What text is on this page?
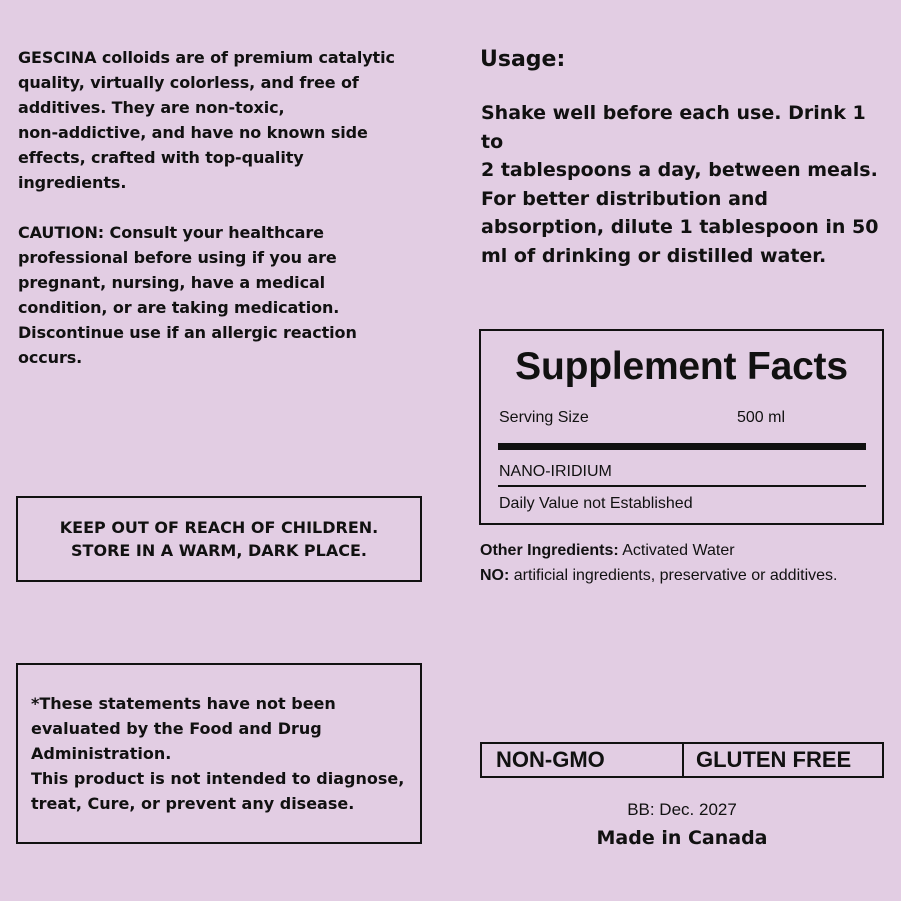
GESCINA colloids are of premium catalytic
quality, virtually colorless, and free of
additives. They are non-toxic,
non-addictive, and have no known side
effects, crafted with top-quality
ingredients.

CAUTION: Consult your healthcare
professional before using if you are
pregnant, nursing, have a medical
condition, or are taking medication.
Discontinue use if an allergic reaction
occurs.

KEEP OUT OF REACH OF CHILDREN.
STORE IN A WARM, DARK PLACE.

*These statements have not been
evaluated by the Food and Drug
Administration.

This product is not intended to diagnose,
treat, Cure, or prevent any disease.

Usage:

Shake well before each use. Drink 1 to
2 tablespoons a day, between meals.
For better distribution and
absorption, dilute 1 tablespoon in 50
ml of drinking or distilled water.

Supplement Facts
Serving Size	500 ml
NANO-IRIDIUM
Daily Value not Established

Other Ingredients: Activated Water

NO: artificial ingredients, preservative or additives.

NON-GMO	GLUTEN FREE
BB: Dec. 2027
Made in Canada
